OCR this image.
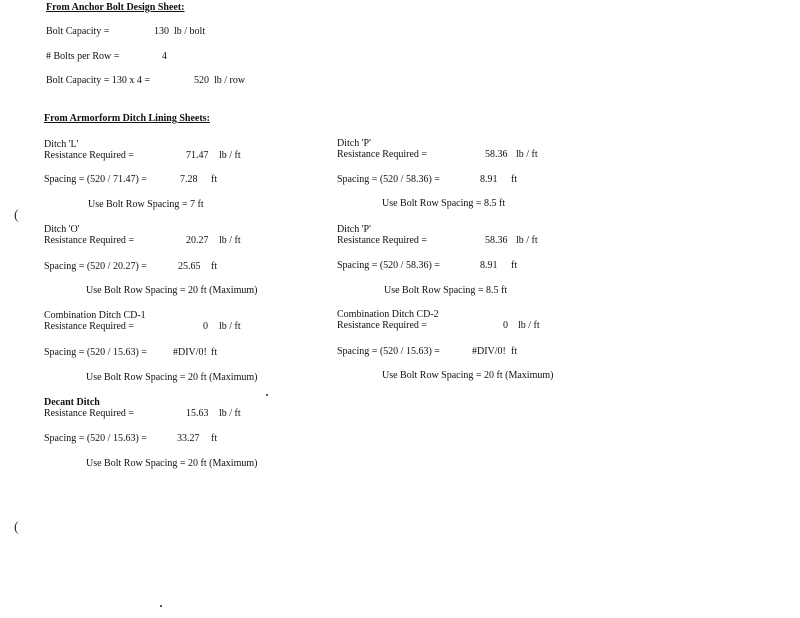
From Anchor Bolt Design Sheet:
Bolt Capacity =	130 lb / bolt
# Bolts per Row =	4
Bolt Capacity = 130 x 4 =	520 lb / row
From Armorform Ditch Lining Sheets:
Ditch 'L'
Resistance Required =	71.47 lb / ft
Spacing = (520 / 71.47) =	7.28 ft
Use Bolt Row Spacing = 7 ft
Ditch 'P'
Resistance Required =	58.36 lb / ft
Spacing = (520 / 58.36) =	8.91 ft
Use Bolt Row Spacing = 8.5 ft
Ditch 'O'
Resistance Required =	20.27 lb / ft
Spacing = (520 / 20.27) =	25.65 ft
Use Bolt Row Spacing = 20 ft (Maximum)
Ditch 'P'
Resistance Required =	58.36 lb / ft
Spacing = (520 / 58.36) =	8.91 ft
Use Bolt Row Spacing = 8.5 ft
Combination Ditch CD-1
Resistance Required =	0 lb / ft
Spacing = (520 / 15.63) =	#DIV/0! ft
Use Bolt Row Spacing = 20 ft (Maximum)
Combination Ditch CD-2
Resistance Required =	0 lb / ft
Spacing = (520 / 15.63) =	#DIV/0! ft
Use Bolt Row Spacing = 20 ft (Maximum)
Decant Ditch
Resistance Required =	15.63 lb / ft
Spacing = (520 / 15.63) =	33.27 ft
Use Bolt Row Spacing = 20 ft (Maximum)
(
(
